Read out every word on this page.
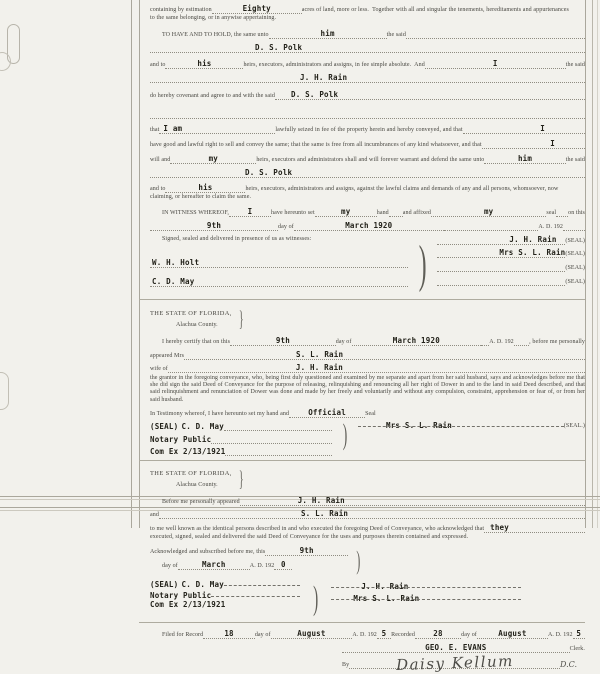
containing by estimation	Eighty	acres of land, more or less.  Together with all and singular the tenements, hereditaments and appurtenances
to the same belonging, or in anywise appertaining.
TO HAVE AND TO HOLD, the same unto	him	the said
D. S. Polk
and to	his	heirs, executors, administrators and assigns, in fee simple absolute.  And	I	the said
J. H. Rain
do hereby covenant and agree to and with the said D. S. Polk
that I am	lawfully seized in fee of the property herein and hereby conveyed, and that	I
have good and lawful right to sell and convey the same; that the same is free from all incumbrances of any kind whatsoever, and that	I
will and	my	heirs, executors and administrators shall and will forever warrant and defend the same unto	him	the said
D. S. Polk
and to	his	heirs, executors, administrators and assigns, against the lawful claims and demands of any and all persons, whomsoever, now
claiming, or hereafter to claim the same.
IN WITNESS WHEREOF, I	have hereunto set	my	hand and affixed	my	seal on this
9th	day of	March 1920	A. D. 192
Signed, sealed and delivered in presence of us as witnesses:
W. H. Holt
C. D. May	)	J. H. Rain (SEAL)
Mrs S. L. Rain (SEAL)
(SEAL)
(SEAL)
THE STATE OF FLORIDA,
Alachua County. }
I hereby certify that on this	9th	day of	March 1920	A. D. 192	, before me personally
appeared Mrs	S. L. Rain
wife of	J. H. Rain

the grantor in the foregoing conveyance, who, being first duly questioned and examined by me separate and apart from her said husband, says and acknowledges before me that she did sign the said Deed of Conveyance for the purpose of releasing, relinquishing and renouncing all her right of Dower in and to the land in said Deed described, and that said relinquishment and renunciation of Dower was done and made by her freely and voluntarily and without any compulsion, constraint, apprehension or fear of, or from her said husband.

In Testimony whereof, I have hereunto set my hand and	Official	Seal
(SEAL)
C. D. May
Notary Public
Com Ex 2/13/1921
)	Mrs S. L. Rain	(SEAL.)
THE STATE OF FLORIDA,
Alachua County. }
Before me personally appeared	J. H. Rain
and	S. L. Rain
to me well known as the identical persons described in and who executed the foregoing Deed of Conveyance, who acknowledged that they
executed, signed, sealed and delivered the said Deed of Conveyance for the uses and purposes therein contained and expressed.
Acknowledged and subscribed before me, this	9th
day of	March	A. D. 192 0	)
(SEAL)
C. D. May
Notary Public
Com Ex 2/13/1921	)	J. H. Rain
Mrs S. L. Rain
Filed for Record	18	day of	August	A. D. 192 5 Recorded 28	day of	August	A. D. 192 5
GEO. E. EVANS	Clerk.
By	Daisy Kellum	D.C.
